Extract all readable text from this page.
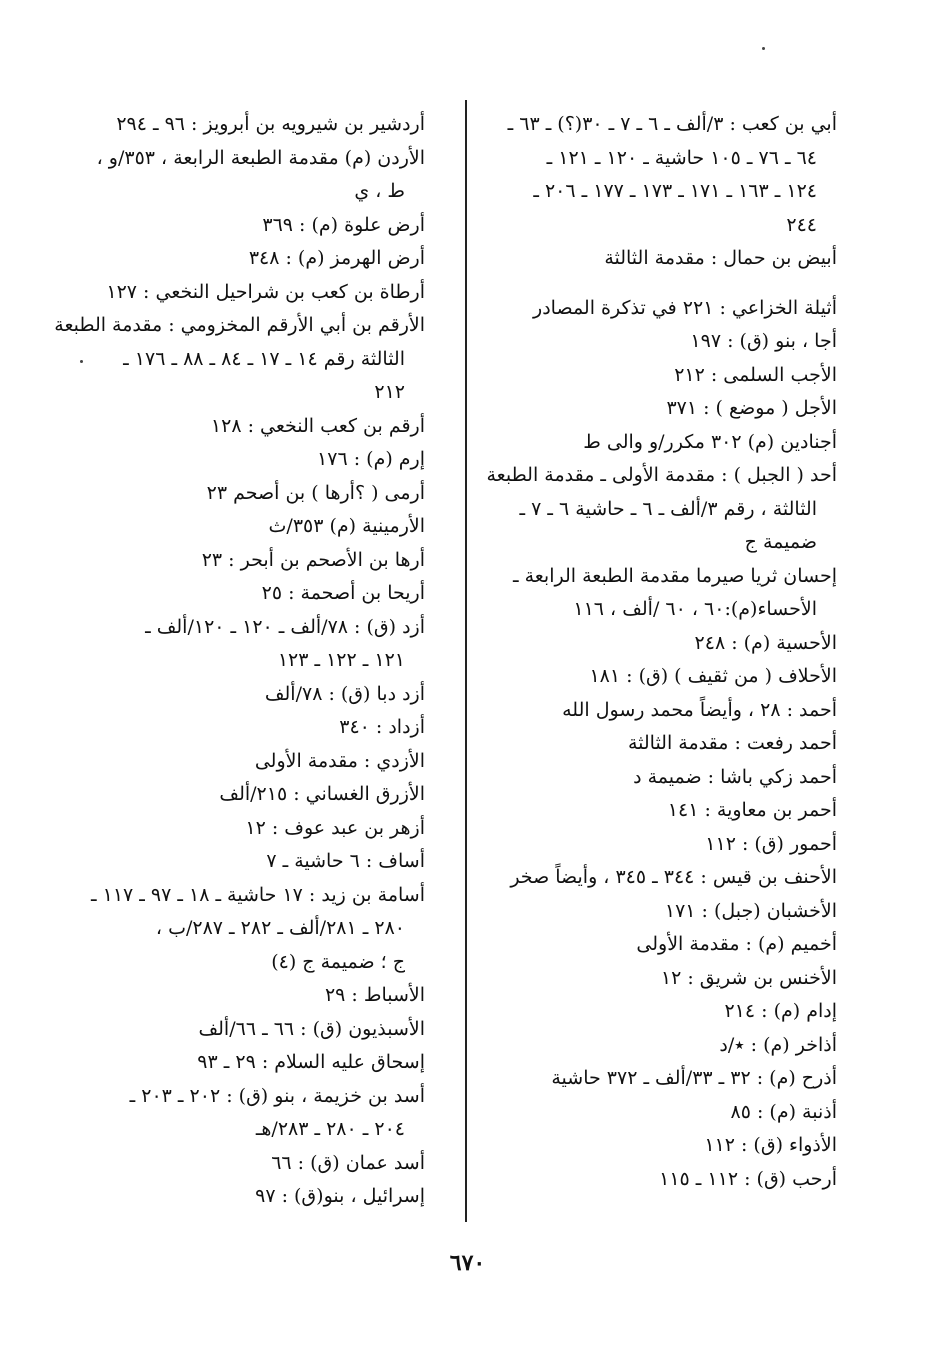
أبي بن كعب : ٣/ألف ـ ٦ ـ ٧ ـ ٣٠(؟) ـ ٦٣ ـ
٦٤ ـ ٧٦ ـ ١٠٥ حاشية ـ ١٢٠ ـ ١٢١ ـ
١٢٤ ـ ١٦٣ ـ ١٧١ ـ ١٧٣ ـ ١٧٧ ـ ٢٠٦ ـ
٢٤٤
أبيض بن حمال : مقدمة الثالثة
أثيلة الخزاعي : ٢٢١ في تذكرة المصادر
أجا ، بنو (ق) : ١٩٧
الأجب السلمى : ٢١٢
الأجل ( موضع ) : ٣٧١
أجنادين (م) ٣٠٢ مكرر/و والى ط
أحد ( الجبل ) : مقدمة الأولى ـ مقدمة الطبعة
الثالثة ، رقم ٣/ألف ـ ٦ ـ حاشية ٦ ـ ٧ ـ
ضميمة ج
إحسان ثريا صيرما مقدمة الطبعة الرابعة ـ
الأحساء(م):٦٠ ، ٦٠ /ألف ، ١١٦
الأحسية (م) : ٢٤٨
الأحلاف ( من ثقيف ) (ق) : ١٨١
أحمد : ٢٨ ، وأيضاً محمد رسول الله
أحمد رفعت : مقدمة الثالثة
أحمد زكي باشا : ضميمة د
أحمر بن معاوية : ١٤١
أحمور (ق) : ١١٢
الأحنف بن قيس : ٣٤٤ ـ ٣٤٥ ، وأيضاً صخر
الأخشبان (جبل) : ١٧١
أخميم (م) : مقدمة الأولى
الأخنس بن شريق : ١٢
إدام (م) : ٢١٤
أذاخر (م) : ٭/د
أذرح (م) : ٣٢ ـ ٣٣/ألف ـ ٣٧٢ حاشية
أذنبة (م) : ٨٥
الأذواء (ق) : ١١٢
أرحب (ق) : ١١٢ ـ ١١٥
أردشير بن شيرويه بن أبرويز : ٩٦ ـ ٢٩٤
الأردن (م) مقدمة الطبعة الرابعة ، ٣٥٣/و ،
ط ، ي
أرض علوة (م) : ٣٦٩
أرض الهرمز (م) : ٣٤٨
أرطاة بن كعب بن شراحيل النخعي : ١٢٧
الأرقم بن أبي الأرقم المخزومي : مقدمة الطبعة
الثالثة رقم ١٤ ـ ١٧ ـ ٨٤ ـ ٨٨ ـ ١٧٦ ـ
٢١٢
أرقم بن كعب النخعي : ١٢٨
إرم (م) : ١٧٦
أرمى ( ؟أرها ) بن أصحم ٢٣
الأرمينية (م) ٣٥٣/ث
أرها بن الأصحم بن أبحر : ٢٣
أريحا بن أصحمة : ٢٥
أزد (ق) : ٧٨/ألف ـ ١٢٠ ـ ١٢٠/ألف ـ
١٢١ ـ ١٢٢ ـ ١٢٣
أزد دبا (ق) : ٧٨/ألف
أزداد : ٣٤٠
الأزدي : مقدمة الأولى
الأزرق الغساني : ٢١٥/ألف
أزهر بن عبد عوف : ١٢
أساف : ٦ حاشية ـ ٧
أسامة بن زيد : ١٧ حاشية ـ ١٨ ـ ٩٧ ـ ١١٧ ـ
٢٨٠ ـ ٢٨١/ألف ـ ٢٨٢ ـ ٢٨٧/ب ،
ج ؛ ضميمة ج (٤)
الأسباط : ٢٩
الأسبذيون (ق) : ٦٦ ـ ٦٦/ألف
إسحاق عليه السلام : ٢٩ ـ ٩٣
أسد بن خزيمة ، بنو (ق) : ٢٠٢ ـ ٢٠٣ ـ
٢٠٤ ـ ٢٨٠ ـ ٢٨٣/هـ
أسد عمان (ق) : ٦٦
إسرائيل ، بنو(ق) : ٩٧
٦٧٠
